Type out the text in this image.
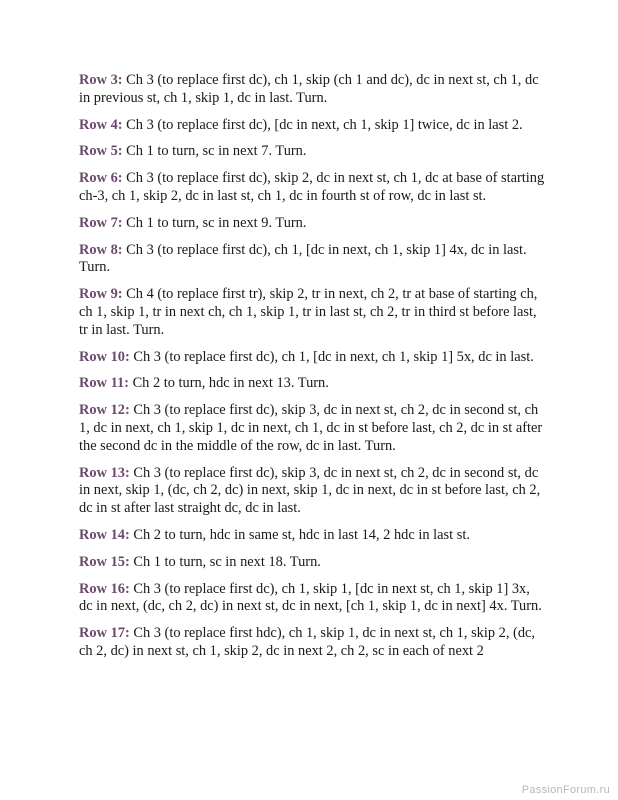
Row 3: Ch 3 (to replace first dc), ch 1, skip (ch 1 and dc), dc in next st, ch 1, dc in previous st, ch 1, skip 1, dc in last. Turn.

Row 4: Ch 3 (to replace first dc), [dc in next, ch 1, skip 1] twice, dc in last 2.

Row 5: Ch 1 to turn, sc in next 7. Turn.

Row 6: Ch 3 (to replace first dc), skip 2, dc in next st, ch 1, dc at base of starting ch-3, ch 1, skip 2, dc in last st, ch 1, dc in fourth st of row, dc in last st.

Row 7: Ch 1 to turn, sc in next 9. Turn.

Row 8: Ch 3 (to replace first dc), ch 1, [dc in next, ch 1, skip 1] 4x, dc in last. Turn.

Row 9: Ch 4 (to replace first tr), skip 2, tr in next, ch 2, tr at base of starting ch, ch 1, skip 1, tr in next ch, ch 1, skip 1, tr in last st, ch 2, tr in third st before last, tr in last. Turn.

Row 10: Ch 3 (to replace first dc), ch 1, [dc in next, ch 1, skip 1] 5x, dc in last.

Row 11: Ch 2 to turn, hdc in next 13. Turn.

Row 12: Ch 3 (to replace first dc), skip 3, dc in next st, ch 2, dc in second st, ch 1, dc in next, ch 1, skip 1, dc in next, ch 1, dc in st before last, ch 2, dc in st after the second dc in the middle of the row, dc in last. Turn.

Row 13: Ch 3 (to replace first dc), skip 3, dc in next st, ch 2, dc in second st, dc in next, skip 1, (dc, ch 2, dc) in next, skip 1, dc in next, dc in st before last, ch 2, dc in st after last straight dc, dc in last.

Row 14: Ch 2 to turn, hdc in same st, hdc in last 14, 2 hdc in last st.

Row 15: Ch 1 to turn, sc in next 18. Turn.

Row 16: Ch 3 (to replace first dc), ch 1, skip 1, [dc in next st, ch 1, skip 1] 3x, dc in next, (dc, ch 2, dc) in next st, dc in next, [ch 1, skip 1, dc in next] 4x. Turn.

Row 17: Ch 3 (to replace first hdc), ch 1, skip 1, dc in next st, ch 1, skip 2, (dc, ch 2, dc) in next st, ch 1, skip 2, dc in next 2, ch 2, sc in each of next 2

PassionForum.ru
